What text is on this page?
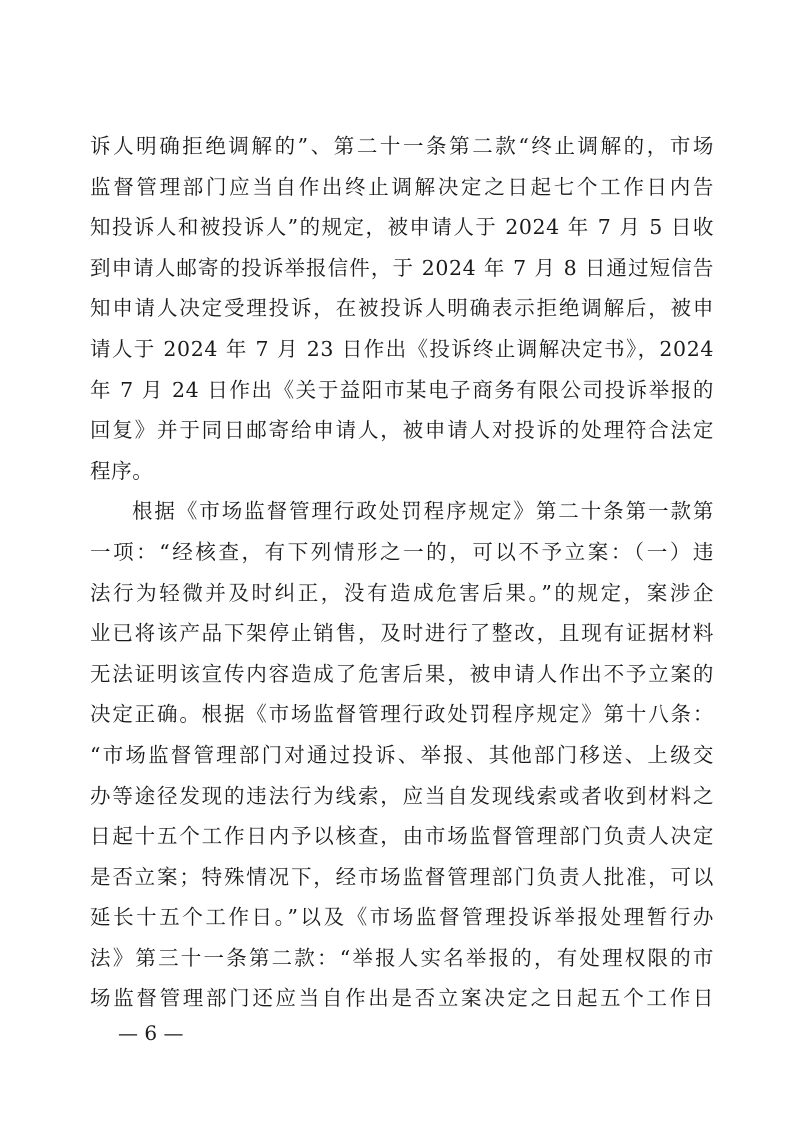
诉人明确拒绝调解的”、第二十一条第二款“终止调解的，市场
监督管理部门应当自作出终止调解决定之日起七个工作日内告
知投诉人和被投诉人”的规定，被申请人于 2024 年 7 月 5 日收
到申请人邮寄的投诉举报信件，于 2024 年 7 月 8 日通过短信告
知申请人决定受理投诉，在被投诉人明确表示拒绝调解后，被申
请人于 2024 年 7 月 23 日作出《投诉终止调解决定书》，2024
年 7 月 24 日作出《关于益阳市某电子商务有限公司投诉举报的
回复》并于同日邮寄给申请人，被申请人对投诉的处理符合法定
程序。
根据《市场监督管理行政处罚程序规定》第二十条第一款第
一项：“经核查，有下列情形之一的，可以不予立案：（一）违
法行为轻微并及时纠正，没有造成危害后果。”的规定，案涉企
业已将该产品下架停止销售，及时进行了整改，且现有证据材料
无法证明该宣传内容造成了危害后果，被申请人作出不予立案的
决定正确。根据《市场监督管理行政处罚程序规定》第十八条：
“市场监督管理部门对通过投诉、举报、其他部门移送、上级交
办等途径发现的违法行为线索，应当自发现线索或者收到材料之
日起十五个工作日内予以核查，由市场监督管理部门负责人决定
是否立案；特殊情况下，经市场监督管理部门负责人批准，可以
延长十五个工作日。”以及《市场监督管理投诉举报处理暂行办
法》第三十一条第二款：“举报人实名举报的，有处理权限的市
场监督管理部门还应当自作出是否立案决定之日起五个工作日
— 6 —
